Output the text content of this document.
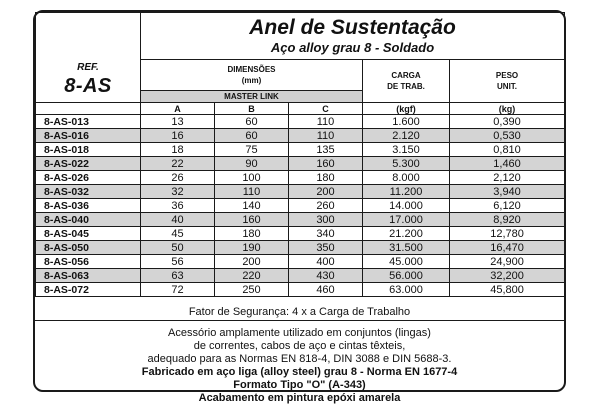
REF.
8-AS	Anel de Sustentação
Aço alloy grau 8 - Soldado				

	DIMENSÕES
(mm)			CARGA
DE TRAB.	PESO
UNIT.
	MASTER LINK				
	A	B	C	(kgf)	(kg)
8-AS-013	13	60	110	1.600	0,390
8-AS-016	16	60	110	2.120	0,530
8-AS-018	18	75	135	3.150	0,810
8-AS-022	22	90	160	5.300	1,460
8-AS-026	26	100	180	8.000	2,120
8-AS-032	32	110	200	11.200	3,940
8-AS-036	36	140	260	14.000	6,120
8-AS-040	40	160	300	17.000	8,920
8-AS-045	45	180	340	21.200	12,780
8-AS-050	50	190	350	31.500	16,470
8-AS-056	56	200	400	45.000	24,900
8-AS-063	63	220	430	56.000	32,200
8-AS-072	72	250	460	63.000	45,800
Fator de Segurança: 4 x a Carga de Trabalho
Acessório amplamente utilizado em conjuntos (lingas)
de correntes, cabos de aço e cintas têxteis,
adequado para as Normas EN 818-4, DIN 3088 e DIN 5688-3.
Fabricado em aço liga (alloy steel) grau 8 - Norma EN 1677-4
Formato Tipo "O" (A-343)
Acabamento em pintura epóxi amarela
